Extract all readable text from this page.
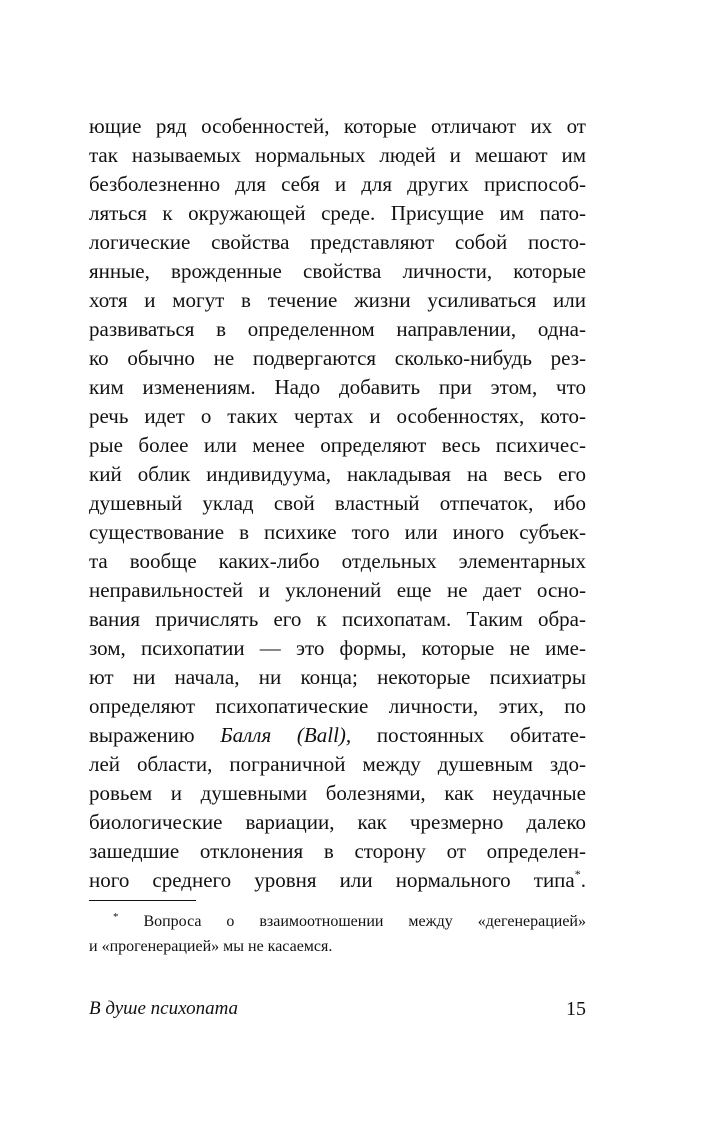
ющие ряд особенностей, которые отличают их от
так называемых нормальных людей и мешают им
безболезненно для себя и для других приспособ-
ляться к окружающей среде. Присущие им пато-
логические свойства представляют собой посто-
янные, врожденные свойства личности, которые
хотя и могут в течение жизни усиливаться или
развиваться в определенном направлении, одна-
ко обычно не подвергаются сколько-нибудь рез-
ким изменениям. Надо добавить при этом, что
речь идет о таких чертах и особенностях, кото-
рые более или менее определяют весь психичес-
кий облик индивидуума, накладывая на весь его
душевный уклад свой властный отпечаток, ибо
существование в психике того или иного субъек-
та вообще каких-либо отдельных элементарных
неправильностей и уклонений еще не дает осно-
вания причислять его к психопатам. Таким обра-
зом, психопатии — это формы, которые не име-
ют ни начала, ни конца; некоторые психиатры
определяют психопатические личности, этих, по
выражению Балля (Ball), постоянных обитате-
лей области, пограничной между душевным здо-
ровьем и душевными болезнями, как неудачные
биологические вариации, как чрезмерно далеко
зашедшие отклонения в сторону от определен-
ного среднего уровня или нормального типа*.
* Вопроса о взаимоотношении между «дегенерацией»
и «прогенерацией» мы не касаемся.
В душе психопата	15
